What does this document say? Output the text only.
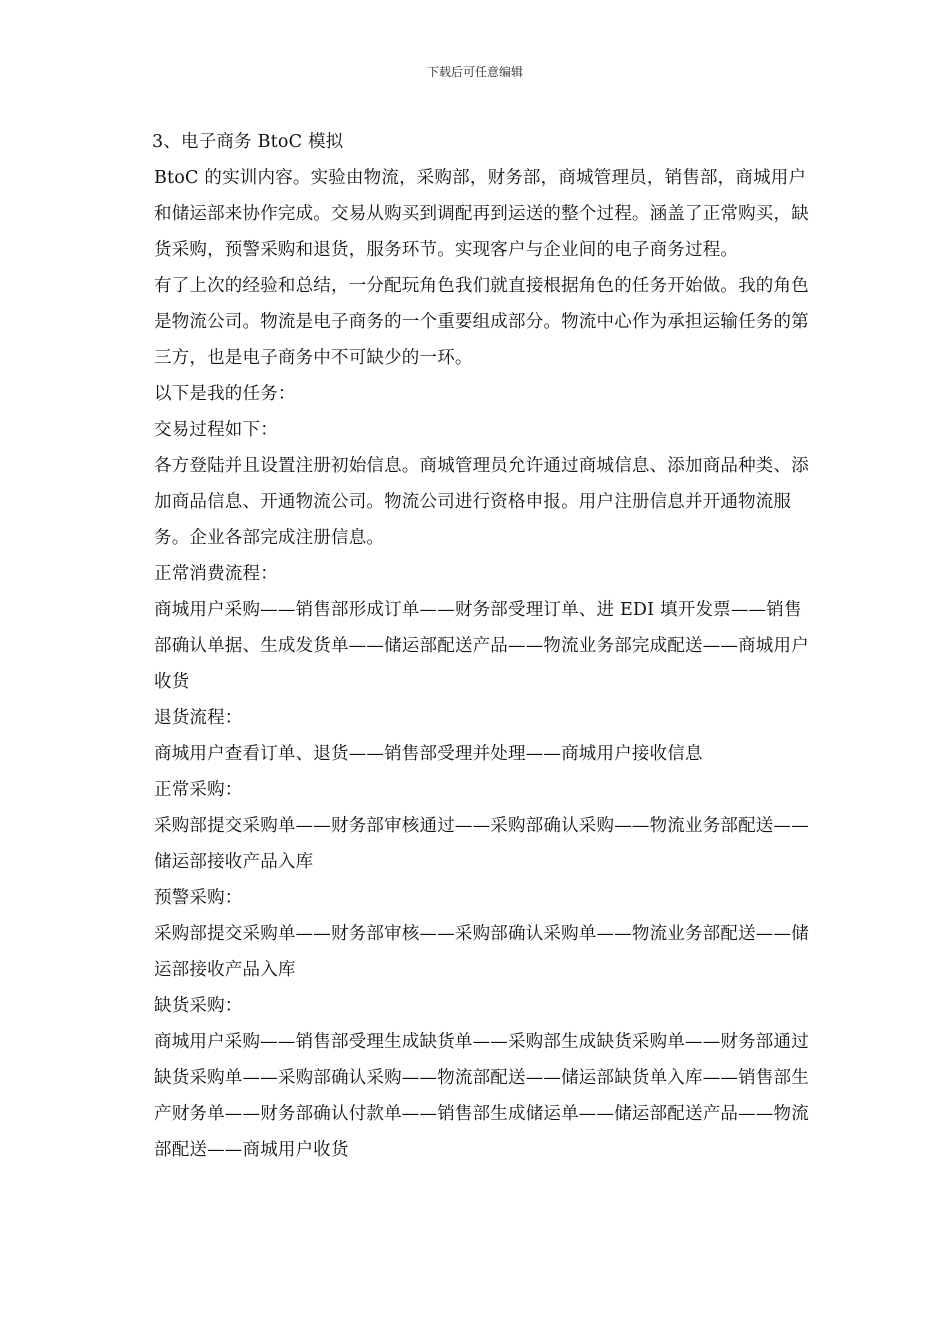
下载后可任意编辑

3、电子商务 BtoC 模拟

BtoC 的实训内容。实验由物流，采购部，财务部，商城管理员，销售部，商城用户和储运部来协作完成。交易从购买到调配再到运送的整个过程。涵盖了正常购买，缺货采购，预警采购和退货，服务环节。实现客户与企业间的电子商务过程。

有了上次的经验和总结，一分配玩角色我们就直接根据角色的任务开始做。我的角色是物流公司。物流是电子商务的一个重要组成部分。物流中心作为承担运输任务的第三方，也是电子商务中不可缺少的一环。

以下是我的任务：

交易过程如下：

各方登陆并且设置注册初始信息。商城管理员允许通过商城信息、添加商品种类、添加商品信息、开通物流公司。物流公司进行资格申报。用户注册信息并开通物流服务。企业各部完成注册信息。

正常消费流程：

商城用户采购——销售部形成订单——财务部受理订单、进 EDI 填开发票——销售部确认单据、生成发货单——储运部配送产品——物流业务部完成配送——商城用户收货

退货流程：

商城用户查看订单、退货——销售部受理并处理——商城用户接收信息

正常采购：

采购部提交采购单——财务部审核通过——采购部确认采购——物流业务部配送——储运部接收产品入库

预警采购：

采购部提交采购单——财务部审核——采购部确认采购单——物流业务部配送——储运部接收产品入库

缺货采购：

商城用户采购——销售部受理生成缺货单——采购部生成缺货采购单——财务部通过缺货采购单——采购部确认采购——物流部配送——储运部缺货单入库——销售部生产财务单——财务部确认付款单——销售部生成储运单——储运部配送产品——物流部配送——商城用户收货
